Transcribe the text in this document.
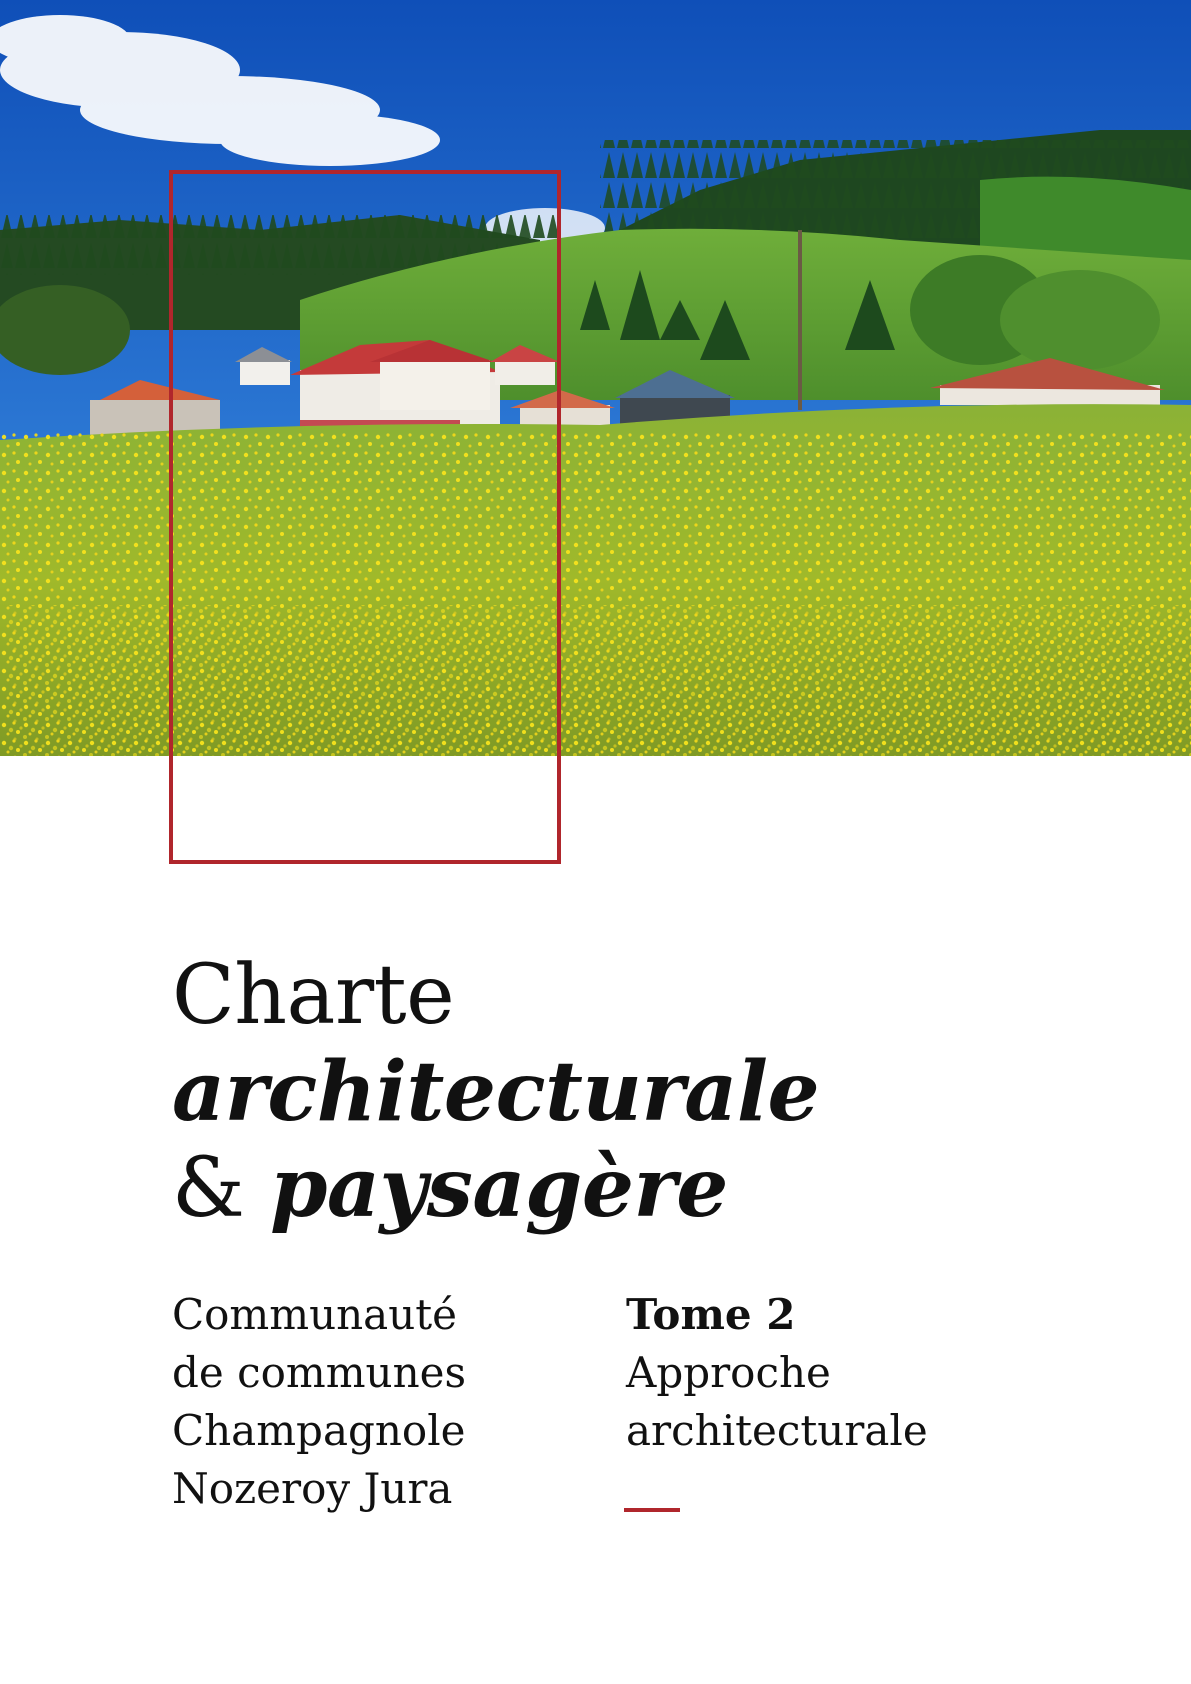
Charte
architecturale
& paysagère

Communauté
de communes
Champagnole
Nozeroy Jura

Tome 2
Approche
architecturale
